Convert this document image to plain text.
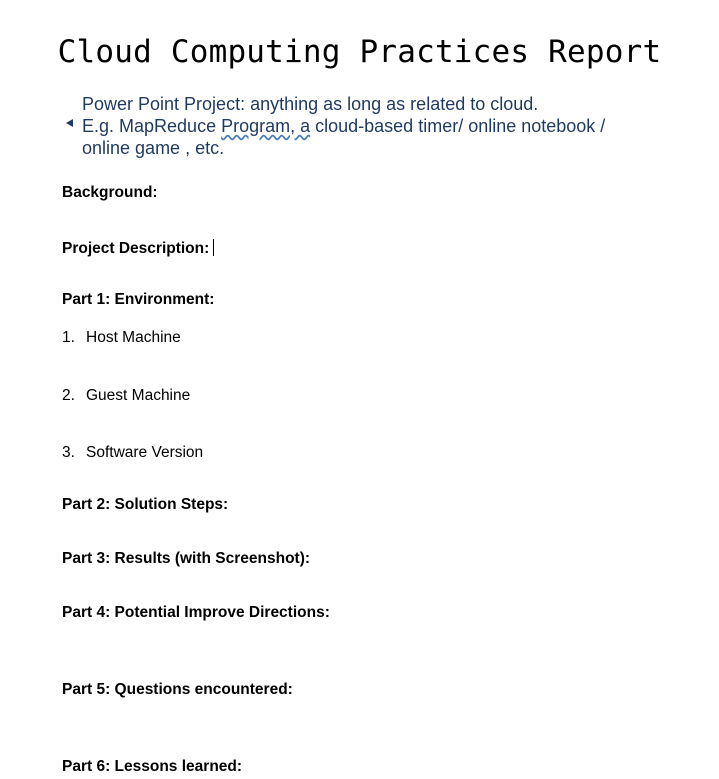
Cloud Computing Practices Report
Power Point Project: anything as long as related to cloud.
E.g. MapReduce Program, a cloud-based timer/ online notebook /
online game , etc.
Background:
Project Description:
Part 1: Environment:
1. Host Machine
2. Guest Machine
3. Software Version
Part 2: Solution Steps:
Part 3: Results (with Screenshot):
Part 4: Potential Improve Directions:
Part 5: Questions encountered:
Part 6: Lessons learned:
